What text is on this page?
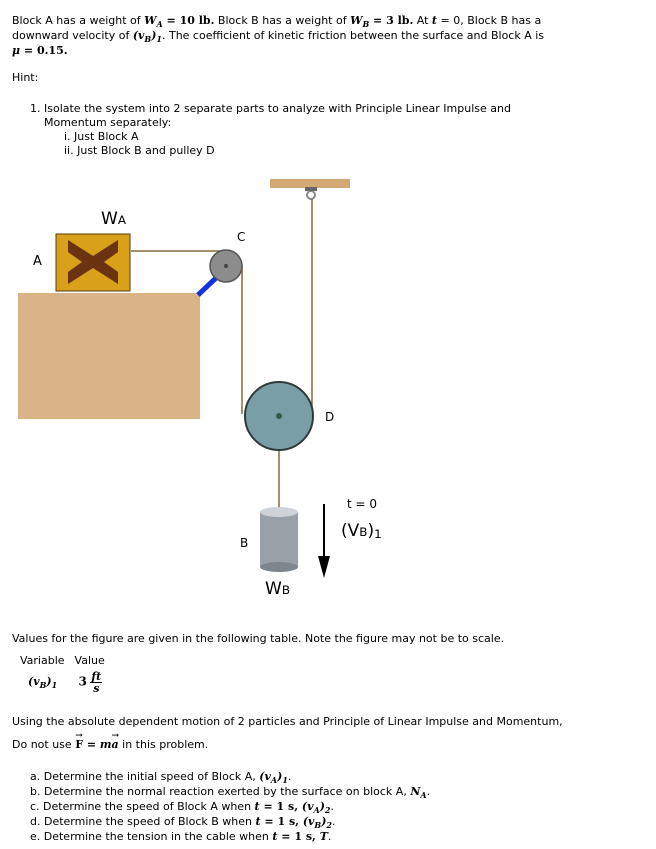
Block A has a weight of $W_A = 10$ lb. Block B has a weight of $W_B = 3$ lb. At t = 0, Block B has a
downward velocity of $(v_B)_1$. The coefficient of kinetic friction between the surface and Block A is
μ = 0.15.
Hint:
1. Isolate the system into 2 separate parts to analyze with Principle Linear Impulse and
Momentum separately:
i. Just Block A
ii. Just Block B and pulley D
WA
A
C
D
t = 0
(VB)1
B
WB
Values for the figure are given in the following table. Note the figure may not be to scale.
Variable	Value
$(v_B)_1$	$3 \frac{ft}{s}$
Using the absolute dependent motion of 2 particles and Principle of Linear Impulse and Momentum,
Do not use → F = m→ a in this problem.
a. Determine the initial speed of Block A, $(v_A)_1$.
b. Determine the normal reaction exerted by the surface on block A, $N_A$.
c. Determine the speed of Block A when t = 1 s, $(v_A)_2$.
d. Determine the speed of Block B when t = 1 s, $(v_B)_2$.
e. Determine the tension in the cable when t = 1 s, T.
